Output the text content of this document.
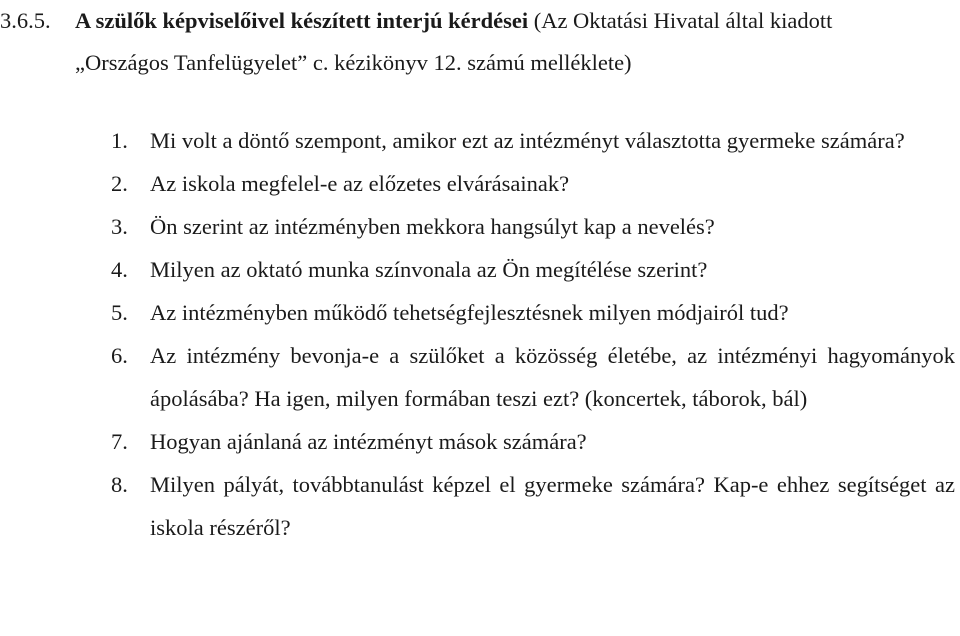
3.6.5. A szülők képviselőivel készített interjú kérdései (Az Oktatási Hivatal által kiadott
„Országos Tanfelügyelet” c. kézikönyv 12. számú melléklete)
1. Mi volt a döntő szempont, amikor ezt az intézményt választotta gyermeke számára?
2. Az iskola megfelel-e az előzetes elvárásainak?
3. Ön szerint az intézményben mekkora hangsúlyt kap a nevelés?
4. Milyen az oktató munka színvonala az Ön megítélése szerint?
5. Az intézményben működő tehetségfejlesztésnek milyen módjairól tud?
6. Az intézmény bevonja-e a szülőket a közösség életébe, az intézményi hagyományok ápolásába? Ha igen, milyen formában teszi ezt? (koncertek, táborok, bál)
7. Hogyan ajánlaná az intézményt mások számára?
8. Milyen pályát, továbbtanulást képzel el gyermeke számára? Kap-e ehhez segítséget az iskola részéről?
